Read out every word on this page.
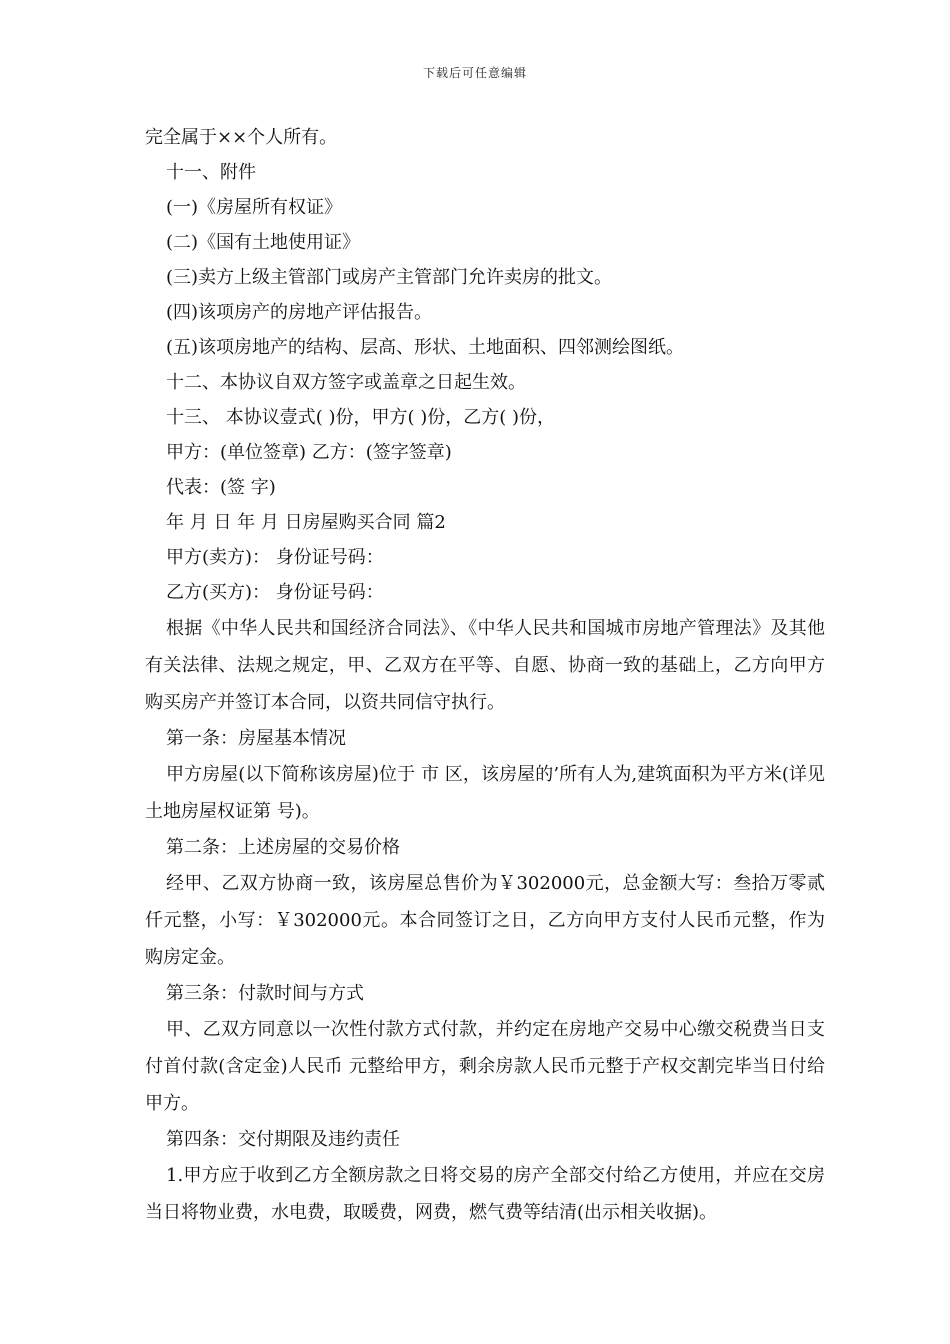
下载后可任意编辑
完全属于××个人所有。
十一、附件
(一)《房屋所有权证》
(二)《国有土地使用证》
(三)卖方上级主管部门或房产主管部门允许卖房的批文。
(四)该项房产的房地产评估报告。
(五)该项房地产的结构、层高、形状、土地面积、四邻测绘图纸。
十二、本协议自双方签字或盖章之日起生效。
十三、 本协议壹式( )份，甲方( )份，乙方( )份，
甲方：(单位签章) 乙方：(签字签章)
代表：(签 字)
年 月 日 年 月 日房屋购买合同 篇2
甲方(卖方)： 身份证号码：
乙方(买方)： 身份证号码：
根据《中华人民共和国经济合同法》、《中华人民共和国城市房地产管理法》及其他有关法律、法规之规定，甲、乙双方在平等、自愿、协商一致的基础上，乙方向甲方购买房产并签订本合同，以资共同信守执行。
第一条：房屋基本情况
甲方房屋(以下简称该房屋)位于 市 区，该房屋的’所有人为,建筑面积为平方米(详见土地房屋权证第 号)。
第二条：上述房屋的交易价格
经甲、乙双方协商一致，该房屋总售价为￥302000元，总金额大写：叁拾万零贰仟元整，小写：￥302000元。本合同签订之日，乙方向甲方支付人民币元整，作为购房定金。
第三条：付款时间与方式
甲、乙双方同意以一次性付款方式付款，并约定在房地产交易中心缴交税费当日支付首付款(含定金)人民币 元整给甲方，剩余房款人民币元整于产权交割完毕当日付给甲方。
第四条：交付期限及违约责任
1.甲方应于收到乙方全额房款之日将交易的房产全部交付给乙方使用，并应在交房当日将物业费，水电费，取暖费，网费，燃气费等结清(出示相关收据)。
